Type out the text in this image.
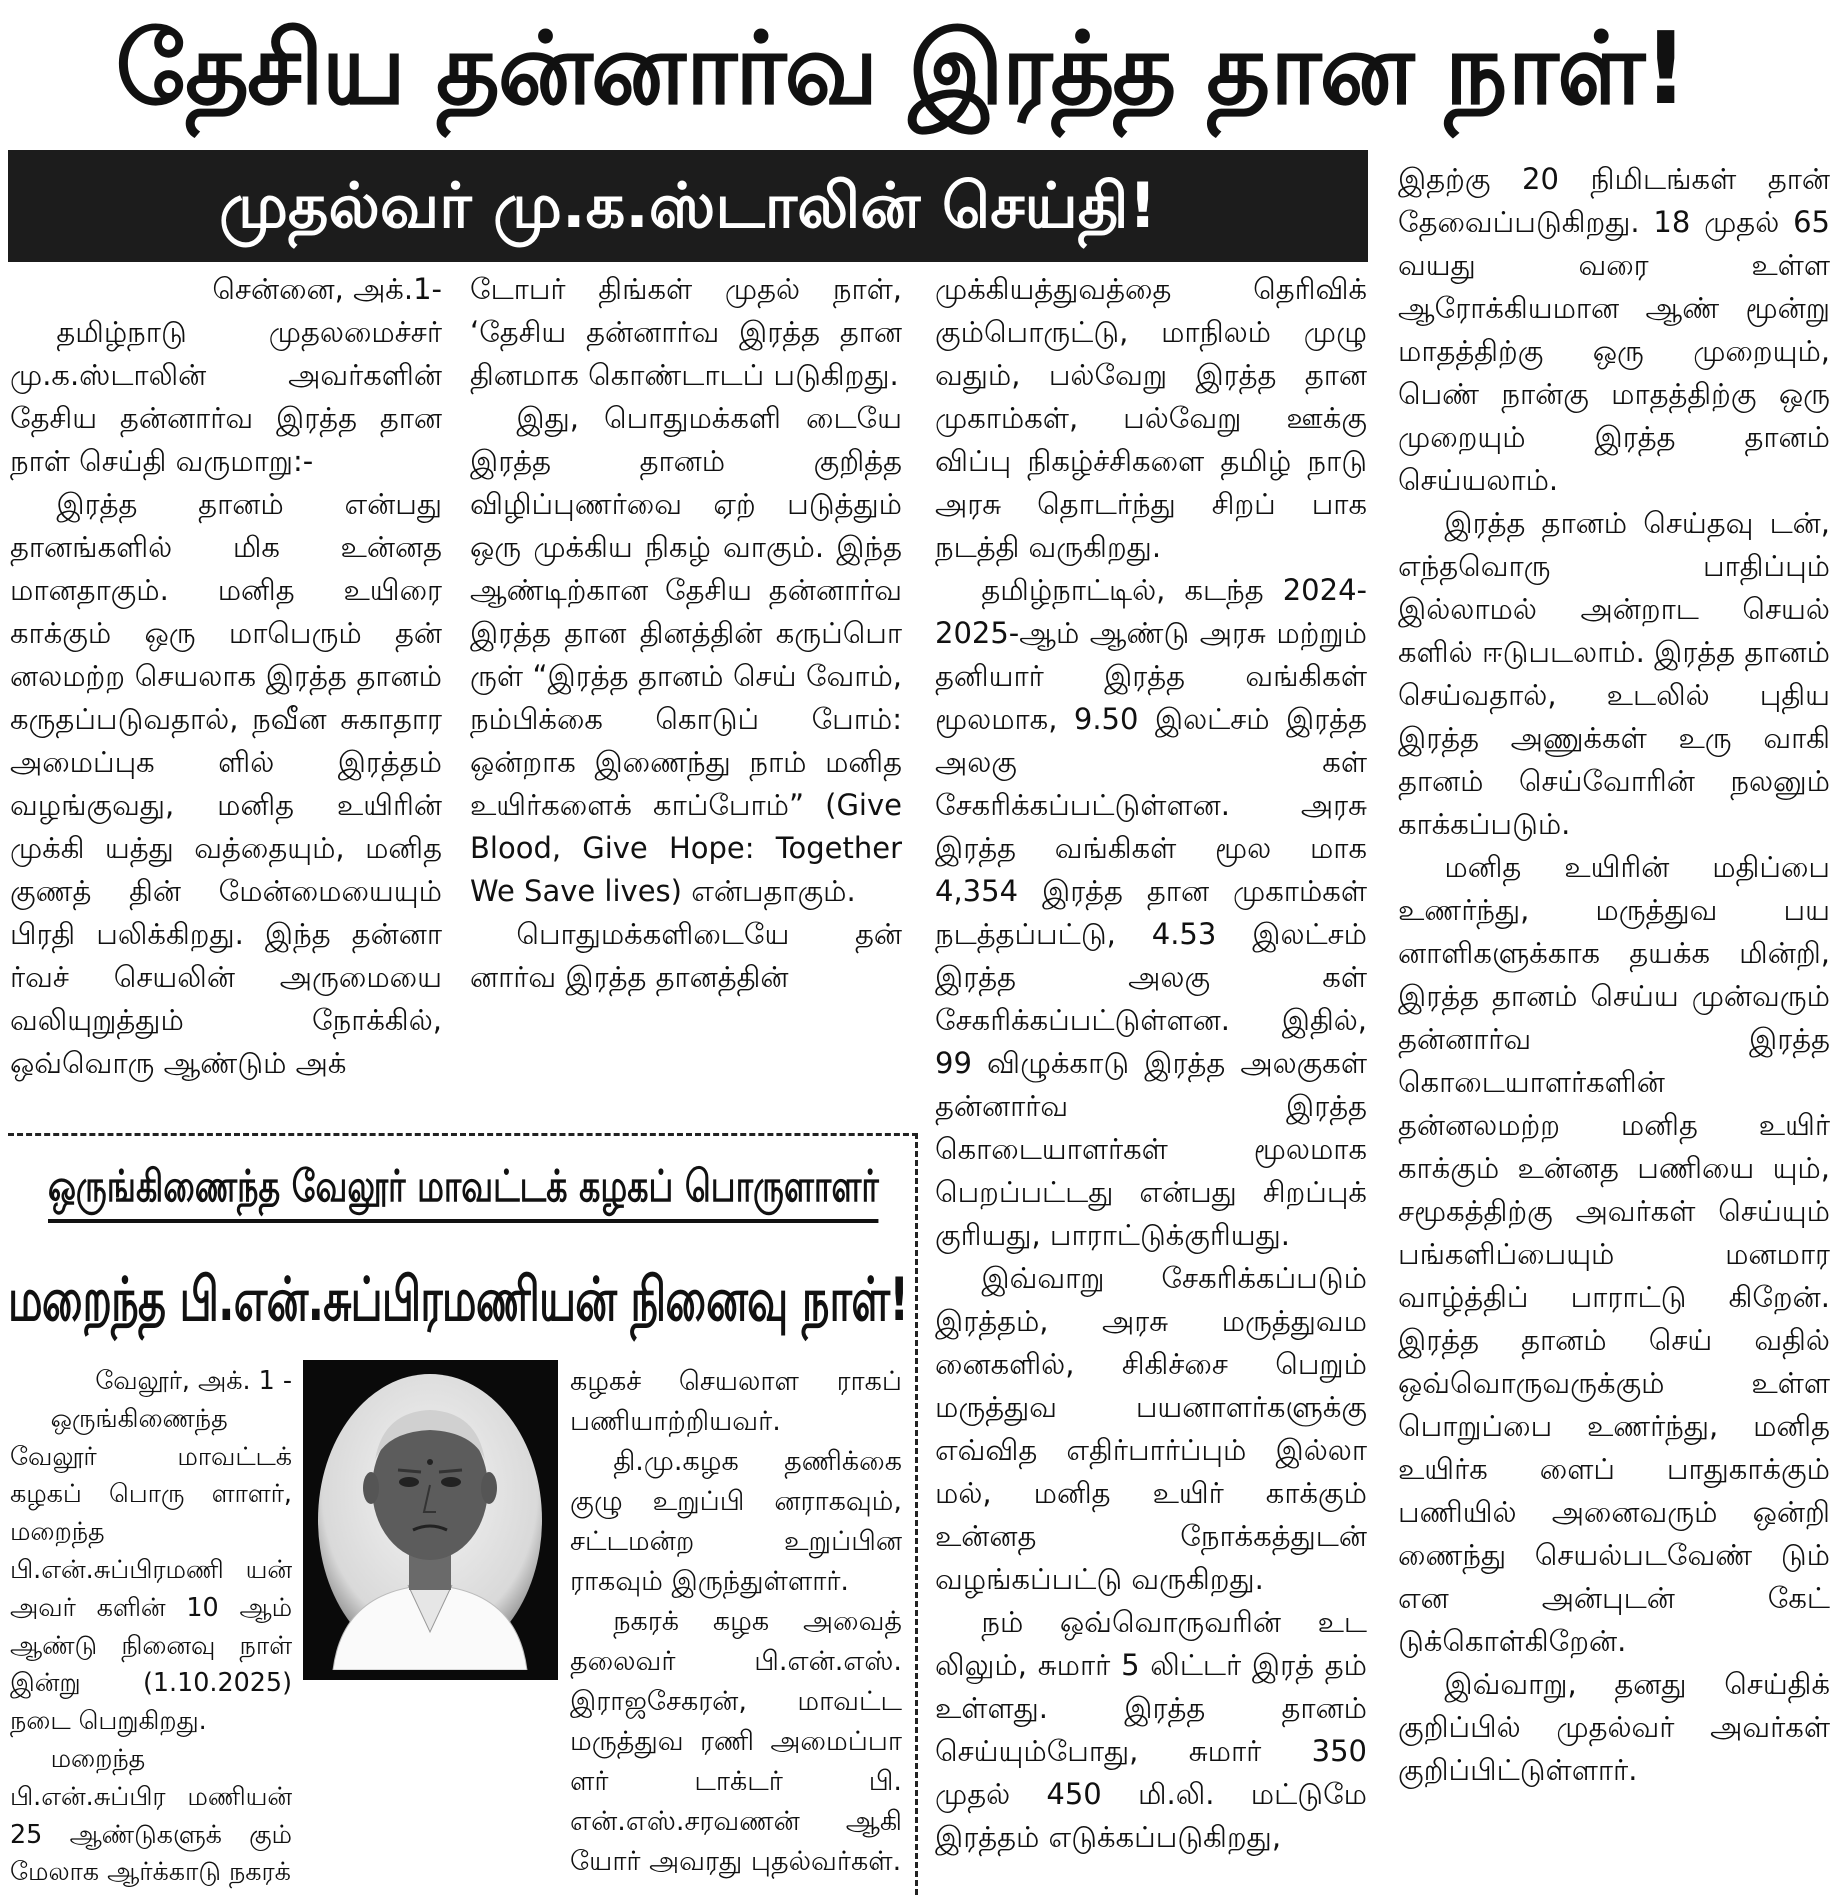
தேசிய தன்னார்வ இரத்த தான நாள்!
முதல்வர் மு.க.ஸ்டாலின் செய்தி!

சென்னை, அக்.1-

தமிழ்நாடு முதலமைச்சர் மு.க.ஸ்டாலின் அவர்களின் தேசிய தன்னார்வ இரத்த தான நாள் செய்தி வருமாறு:-

இரத்த தானம் என்பது தானங்களில் மிக உன்னத மானதாகும். மனித உயிரை காக்கும் ஒரு மாபெரும் தன் னலமற்ற செயலாக இரத்த தானம் கருதப்படுவதால், நவீன சுகாதார அமைப்புக ளில் இரத்தம் வழங்குவது, மனித உயிரின் முக்கி யத்து வத்தையும், மனித குணத் தின் மேன்மையையும் பிரதி பலிக்கிறது. இந்த தன்னா ர்வச் செயலின் அருமையை வலியுறுத்தும் நோக்கில், ஒவ்வொரு ஆண்டும் அக்

டோபர் திங்கள் முதல் நாள், ‘தேசிய தன்னார்வ இரத்த தான தினமாக கொண்டாடப் படுகிறது.

இது, பொதுமக்களி டையே இரத்த தானம் குறித்த விழிப்புணர்வை ஏற் படுத்தும் ஒரு முக்கிய நிகழ் வாகும். இந்த ஆண்டிற்கான தேசிய தன்னார்வ இரத்த தான தினத்தின் கருப்பொ ருள் “இரத்த தானம் செய் வோம், நம்பிக்கை கொடுப் போம்: ஒன்றாக இணைந்து நாம் மனித உயிர்களைக் காப்போம்” (Give Blood, Give Hope: Together We Save lives) என்பதாகும்.

பொதுமக்களிடையே தன் னார்வ இரத்த தானத்தின்

முக்கியத்துவத்தை தெரிவிக் கும்பொருட்டு, மாநிலம் முழு வதும், பல்வேறு இரத்த தான முகாம்கள், பல்வேறு ஊக்கு விப்பு நிகழ்ச்சிகளை தமிழ் நாடு அரசு தொடர்ந்து சிறப் பாக நடத்தி வருகிறது.

தமிழ்நாட்டில், கடந்த 2024-2025-ஆம் ஆண்டு அரசு மற்றும் தனியார் இரத்த வங்கிகள் மூலமாக, 9.50 இலட்சம் இரத்த அலகு கள் சேகரிக்கப்பட்டுள்ளன. அரசு இரத்த வங்கிகள் மூல மாக 4,354 இரத்த தான முகாம்கள் நடத்தப்பட்டு, 4.53 இலட்சம் இரத்த அலகு கள் சேகரிக்கப்பட்டுள்ளன. இதில், 99 விழுக்காடு இரத்த அலகுகள் தன்னார்வ இரத்த கொடையாளர்கள் மூலமாக பெறப்பட்டது என்பது சிறப்புக் குரியது, பாராட்டுக்குரியது.

இவ்வாறு சேகரிக்கப்படும் இரத்தம், அரசு மருத்துவம னைகளில், சிகிச்சை பெறும் மருத்துவ பயனாளர்களுக்கு எவ்வித எதிர்பார்ப்பும் இல்லா மல், மனித உயிர் காக்கும் உன்னத நோக்கத்துடன் வழங்கப்பட்டு வருகிறது.

நம் ஒவ்வொருவரின் உட லிலும், சுமார் 5 லிட்டர் இரத் தம் உள்ளது. இரத்த தானம் செய்யும்போது, சுமார் 350 முதல் 450 மி.லி. மட்டுமே இரத்தம் எடுக்கப்படுகிறது,

இதற்கு 20 நிமிடங்கள் தான் தேவைப்படுகிறது. 18 முதல் 65 வயது வரை உள்ள ஆரோக்கியமான ஆண் மூன்று மாதத்திற்கு ஒரு முறையும், பெண் நான்கு மாதத்திற்கு ஒரு முறையும் இரத்த தானம் செய்யலாம்.

இரத்த தானம் செய்தவு டன், எந்தவொரு பாதிப்பும் இல்லாமல் அன்றாட செயல் களில் ஈடுபடலாம். இரத்த தானம் செய்வதால், உடலில் புதிய இரத்த அணுக்கள் உரு வாகி தானம் செய்வோரின் நலனும் காக்கப்படும்.

மனித உயிரின் மதிப்பை உணர்ந்து, மருத்துவ பய னாளிகளுக்காக தயக்க மின்றி, இரத்த தானம் செய்ய முன்வரும் தன்னார்வ இரத்த கொடையாளர்களின் தன்னலமற்ற மனித உயிர் காக்கும் உன்னத பணியை யும், சமூகத்திற்கு அவர்கள் செய்யும் பங்களிப்பையும் மனமார வாழ்த்திப் பாராட்டு கிறேன். இரத்த தானம் செய் வதில் ஒவ்வொருவருக்கும் உள்ள பொறுப்பை உணர்ந்து, மனித உயிர்க ளைப் பாதுகாக்கும் பணியில் அனைவரும் ஒன்றி ணைந்து செயல்படவேண் டும் என அன்புடன் கேட் டுக்கொள்கிறேன்.

இவ்வாறு, தனது செய்திக் குறிப்பில் முதல்வர் அவர்கள் குறிப்பிட்டுள்ளார்.

ஒருங்கிணைந்த வேலூர் மாவட்டக் கழகப் பொருளாளர்
மறைந்த பி.என்.சுப்பிரமணியன் நினைவு நாள்!

வேலூர், அக். 1 -

ஒருங்கிணைந்த வேலூர் மாவட்டக் கழகப் பொரு ளாளர், மறைந்த பி.என்.சுப்பிரமணி யன் அவர் களின் 10 ஆம் ஆண்டு நினைவு நாள் இன்று (1.10.2025) நடை பெறுகிறது.

மறைந்த பி.என்.சுப்பிர மணியன் 25 ஆண்டுகளுக் கும் மேலாக ஆர்க்காடு நகரக்

கழகச் செயலாள ராகப் பணியாற்றியவர்.

தி.மு.கழக தணிக்கை குழு உறுப்பி னராகவும், சட்டமன்ற உறுப்பின ராகவும் இருந்துள்ளார்.

நகரக் கழக அவைத் தலைவர் பி.என்.எஸ். இராஜசேகரன், மாவட்ட மருத்துவ ரணி அமைப்பா ளர் டாக்டர் பி. என்.எஸ்.சரவணன் ஆகி யோர் அவரது புதல்வர்கள்.
